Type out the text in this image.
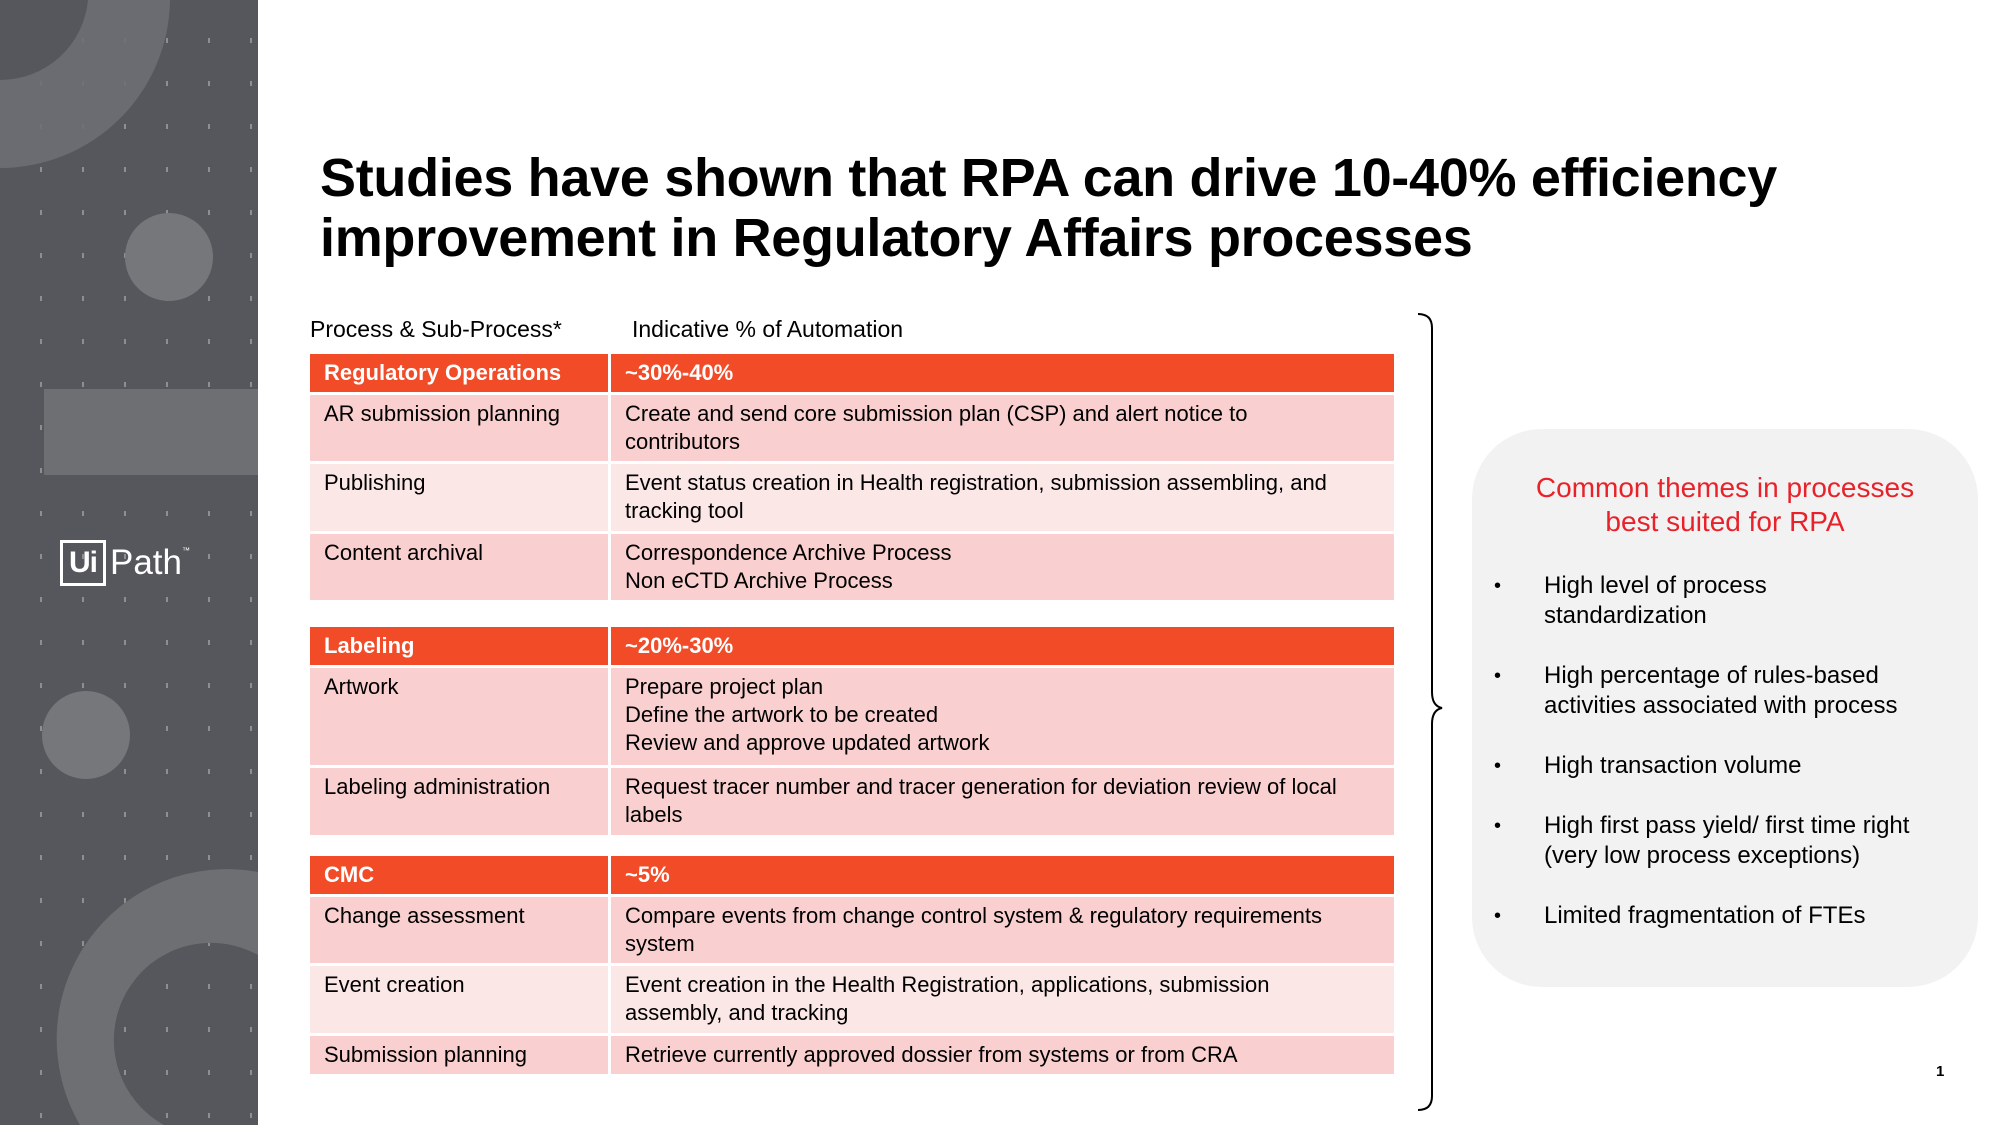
Ui Path ™
Studies have shown that RPA can drive 10-40% efficiency
improvement in Regulatory Affairs processes
Process & Sub-Process*	Indicative % of Automation
Regulatory Operations	~30%-40%
AR submission planning	Create and send core submission plan (CSP) and alert notice to
contributors
Publishing	Event status creation in Health registration, submission assembling, and
tracking tool
Content archival	Correspondence Archive Process
Non eCTD Archive Process
Labeling	~20%-30%
Artwork	Prepare project plan
Define the artwork to be created
Review and approve updated artwork
Labeling administration	Request tracer number and tracer generation for deviation review of local
labels
CMC	~5%
Change assessment	Compare events from change control system & regulatory requirements
system
Event creation	Event creation in the Health Registration, applications, submission
assembly, and tracking
Submission planning	Retrieve currently approved dossier from systems or from CRA
Common themes in processes
best suited for RPA
•	High level of process
standardization
•	High percentage of rules-based
activities associated with process
•	High transaction volume
•	High first pass yield/ first time right
(very low process exceptions)
•	Limited fragmentation of FTEs
1
